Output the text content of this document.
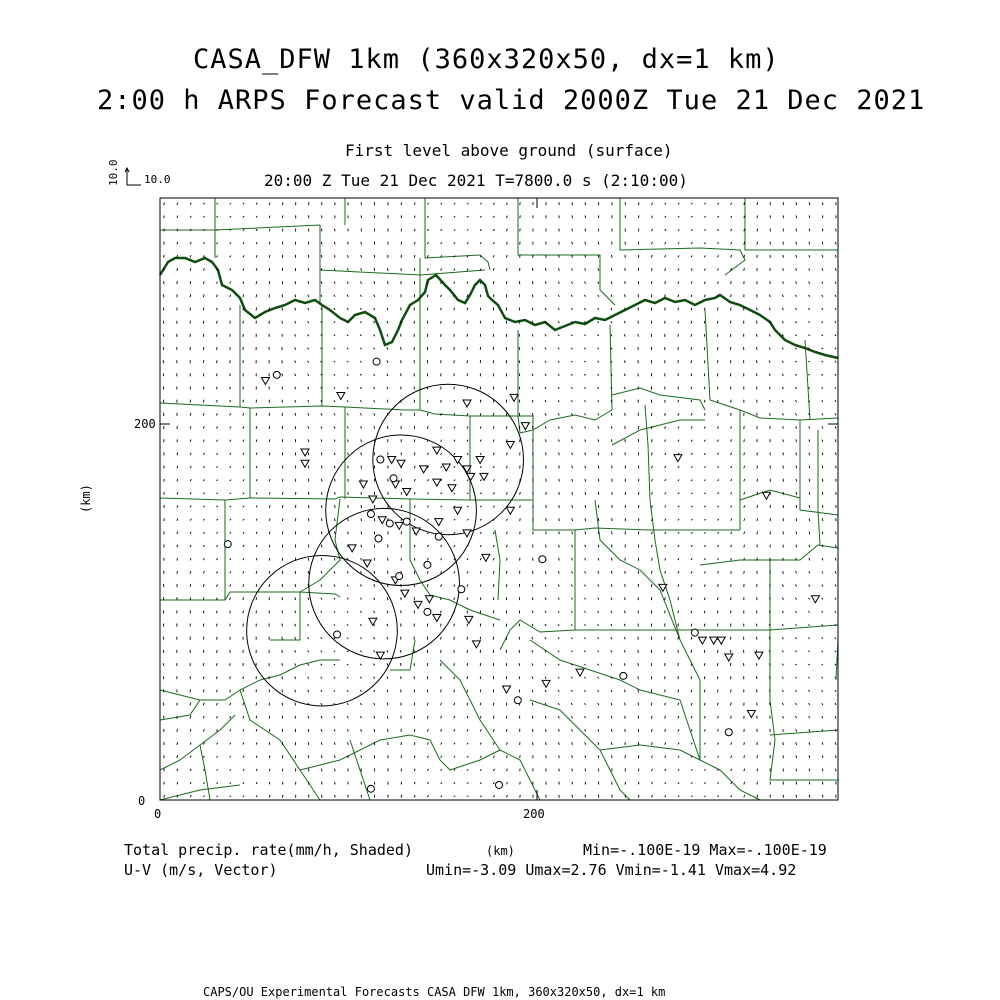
CASA_DFW 1km (360x320x50, dx=1 km)
2:00 h ARPS Forecast valid 2000Z Tue 21 Dec 2021
First level above ground (surface)
20:00 Z Tue 21 Dec 2021 T=7800.0 s (2:10:00)
10.0 10.0
(km)
200
0
0	200
Total precip. rate(mm/h, Shaded)	(km)	Min=-.100E-19 Max=-.100E-19
U-V (m/s, Vector)	Umin=-3.09 Umax=2.76 Vmin=-1.41 Vmax=4.92
CAPS/OU Experimental Forecasts CASA DFW 1km, 360x320x50, dx=1 km
